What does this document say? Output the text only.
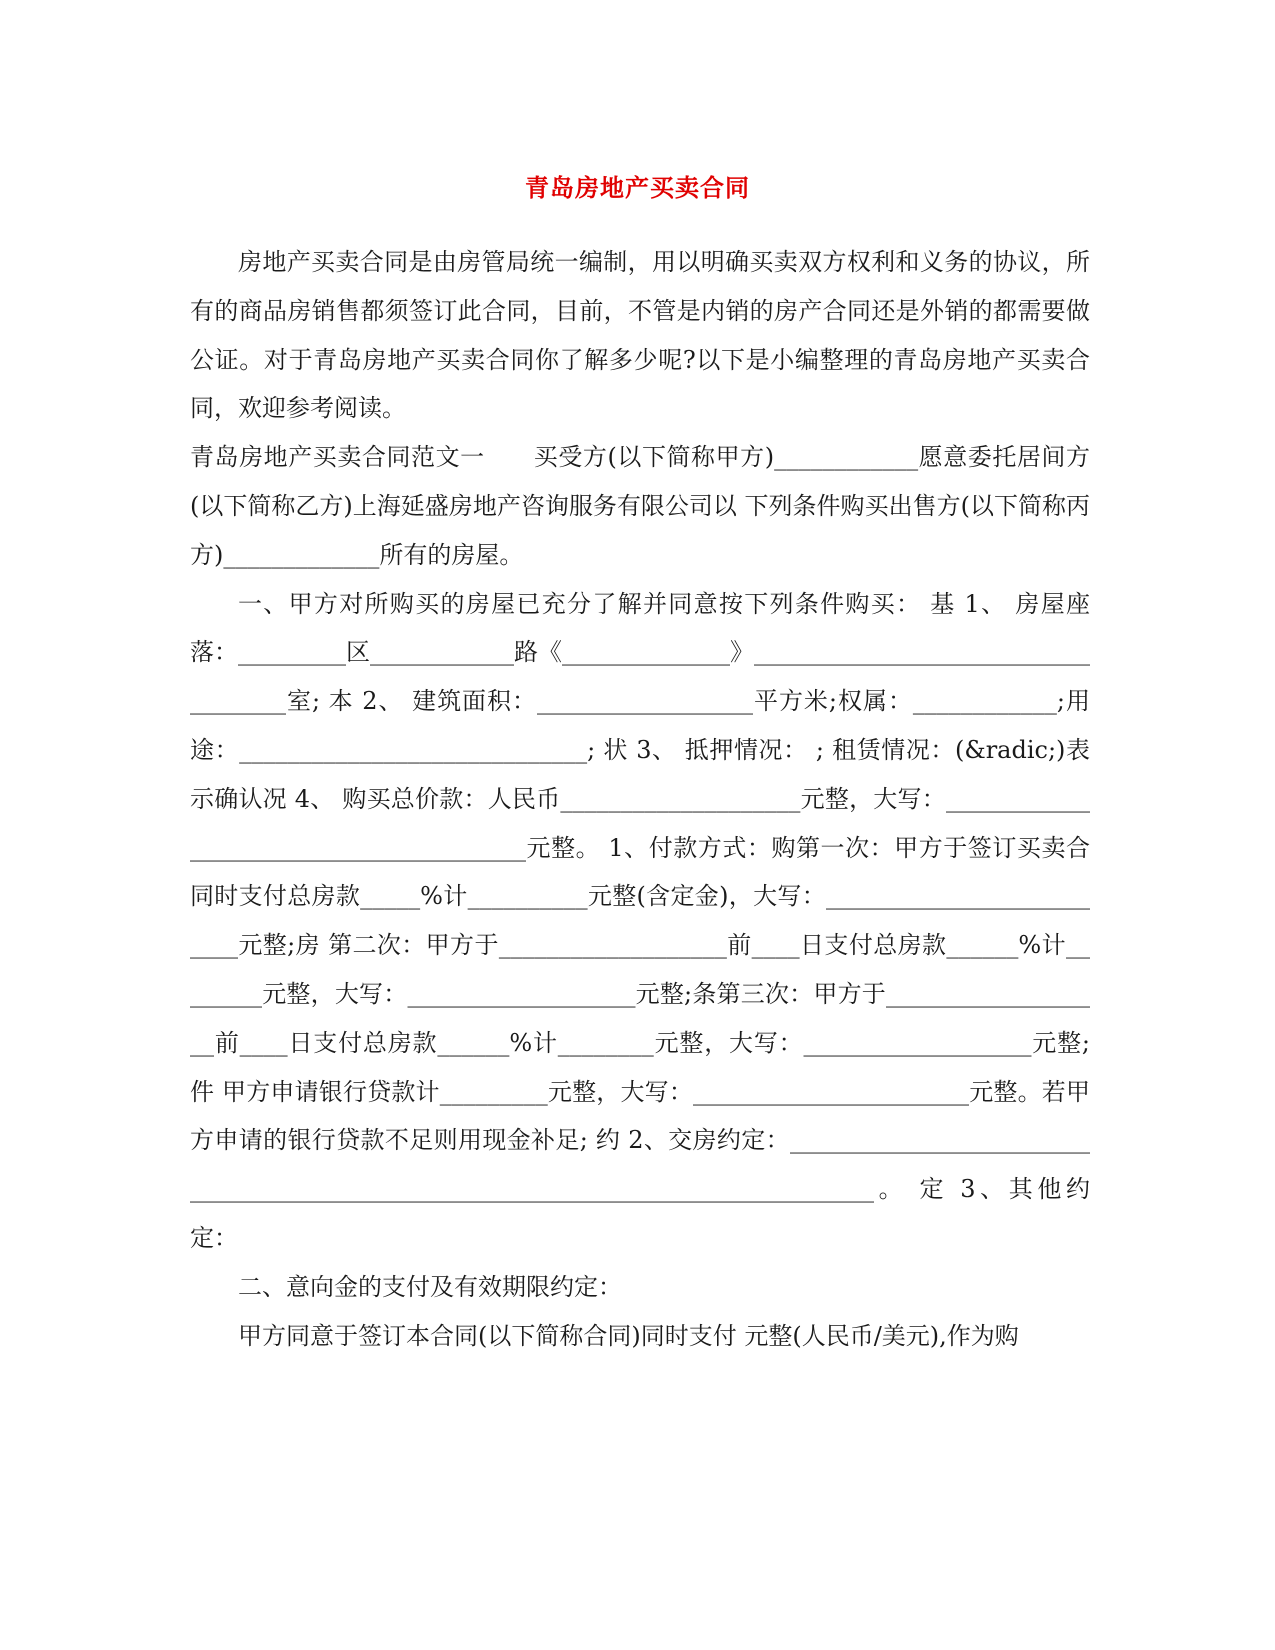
青岛房地产买卖合同

房地产买卖合同是由房管局统一编制，用以明确买卖双方权利和义务的协议，所有的商品房销售都须签订此合同，目前，不管是内销的房产合同还是外销的都需要做公证。对于青岛房地产买卖合同你了解多少呢?以下是小编整理的青岛房地产买卖合同，欢迎参考阅读。

青岛房地产买卖合同范文一　　买受方(以下简称甲方)____________愿意委托居间方(以下简称乙方)上海延盛房地产咨询服务有限公司以 下列条件购买出售方(以下简称丙方)_____________所有的房屋。

一、甲方对所购买的房屋已充分了解并同意按下列条件购买： 基 1、 房屋座落：_________区____________路《______________》____________________________________室; 本 2、 建筑面积：__________________平方米;权属：____________;用途：_____________________________; 状 3、 抵押情况： ; 租赁情况：(&radic;)表示确认况 4、 购买总价款：人民币____________________元整，大写：________________________________________元整。 1、付款方式：购第一次：甲方于签订买卖合同时支付总房款_____%计__________元整(含定金)，大写：__________________________元整;房 第二次：甲方于___________________前____日支付总房款______%计________元整，大写：___________________元整;条第三次：甲方于___________________前____日支付总房款______%计________元整，大写：___________________元整;件 甲方申请银行贷款计_________元整，大写：_______________________元整。若甲方申请的银行贷款不足则用现金补足; 约 2、交房约定：__________________________________________________________________________________。 定 3、其他约定：

二、意向金的支付及有效期限约定：

甲方同意于签订本合同(以下简称合同)同时支付 元整(人民币/美元),作为购
